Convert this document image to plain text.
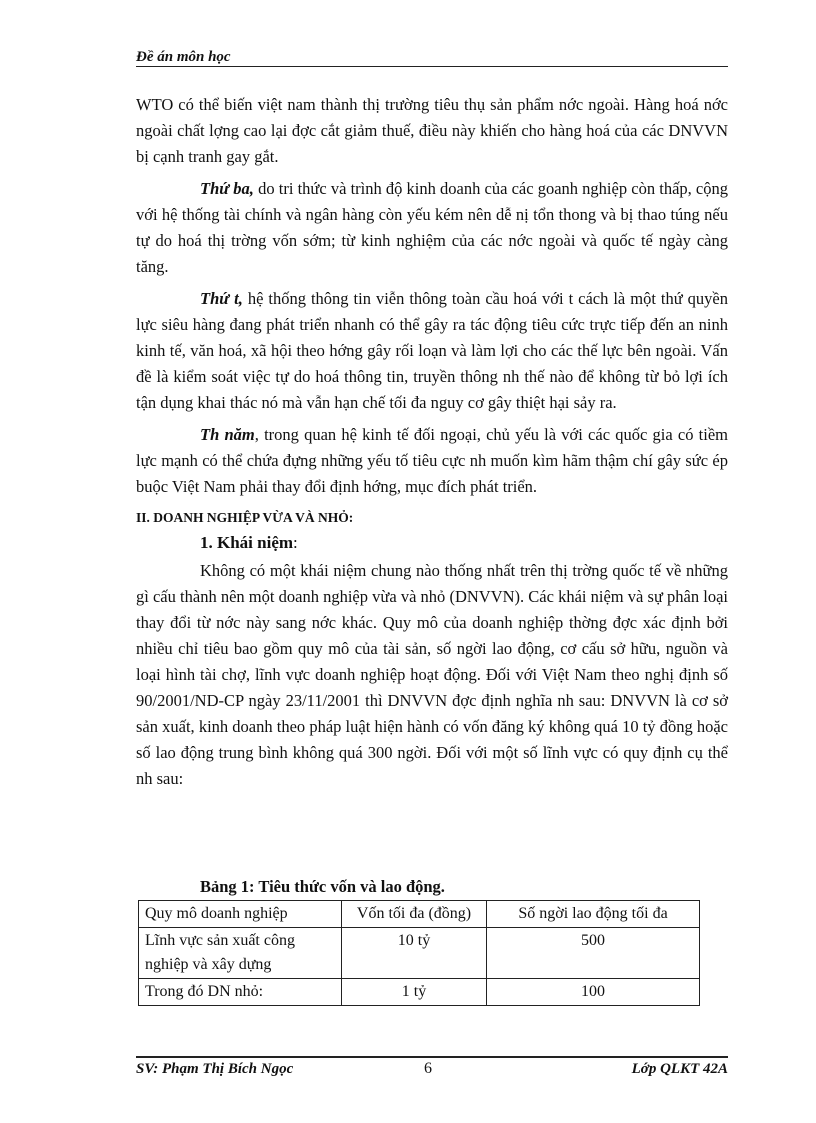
Đề án môn học

WTO có thể biến việt nam thành thị trường tiêu thụ sản phẩm nớc ngoài. Hàng hoá nớc ngoài chất lợng cao lại đợc cắt giảm thuế, điều này khiến cho hàng hoá của các DNVVN bị cạnh tranh gay gắt.

Thứ ba, do tri thức và trình độ kinh doanh của các goanh nghiệp còn thấp, cộng với hệ thống tài chính và ngân hàng còn yếu kém nên dễ nị tổn thong và bị thao túng nếu tự do hoá thị trờng vốn sớm; từ kinh nghiệm của các nớc ngoài và quốc tế ngày càng tăng.

Thứ t, hệ thống thông tin viễn thông toàn cầu hoá với t cách là một thứ quyền lực siêu hàng đang phát triển nhanh có thể gây ra tác động tiêu cức trực tiếp đến an ninh kinh tế, văn hoá, xã hội theo hớng gây rối loạn và làm lợi cho các thế lực bên ngoài. Vấn đề là kiểm soát việc tự do hoá thông tin, truyền thông nh thế nào để không từ bỏ lợi ích tận dụng khai thác nó mà vẫn hạn chế tối đa nguy cơ gây thiệt hại sảy ra.

Th năm, trong quan hệ kinh tế đối ngoại, chủ yếu là với các quốc gia có tiềm lực mạnh có thể chứa đựng những yếu tố tiêu cực nh muốn kìm hãm thậm chí gây sức ép buộc Việt Nam phải thay đổi định hớng, mục đích phát triển.

II. DOANH NGHIỆP VỪA VÀ NHỎ:
1. Khái niệm:

Không có một khái niệm chung nào thống nhất trên thị trờng quốc tế về những gì cấu thành nên một doanh nghiệp vừa và nhỏ (DNVVN). Các khái niệm và sự phân loại thay đổi từ nớc này sang nớc khác. Quy mô của doanh nghiệp thờng đợc xác định bởi nhiều chỉ tiêu bao gồm quy mô của tài sản, số ngời lao động, cơ cấu sở hữu, nguồn và loại hình tài chợ, lĩnh vực doanh nghiệp hoạt động. Đối với Việt Nam theo nghị định số 90/2001/ND-CP ngày 23/11/2001 thì DNVVN đợc định nghĩa nh sau: DNVVN là cơ sở sản xuất, kinh doanh theo pháp luật hiện hành có vốn đăng ký không quá 10 tỷ đồng hoặc số lao động trung bình không quá 300 ngời. Đối với một số lĩnh vực có quy định cụ thể nh sau:

Bảng 1: Tiêu thức vốn và lao động.
Quy mô doanh nghiệp	Vốn tối đa (đồng)	Số ngời lao động tối đa
Lĩnh vực sản xuất công nghiệp và xây dựng	10 tỷ	500
Trong đó DN nhỏ:	1 tỷ	100
SV: Phạm Thị Bích Ngọc	6	Lớp QLKT 42A
